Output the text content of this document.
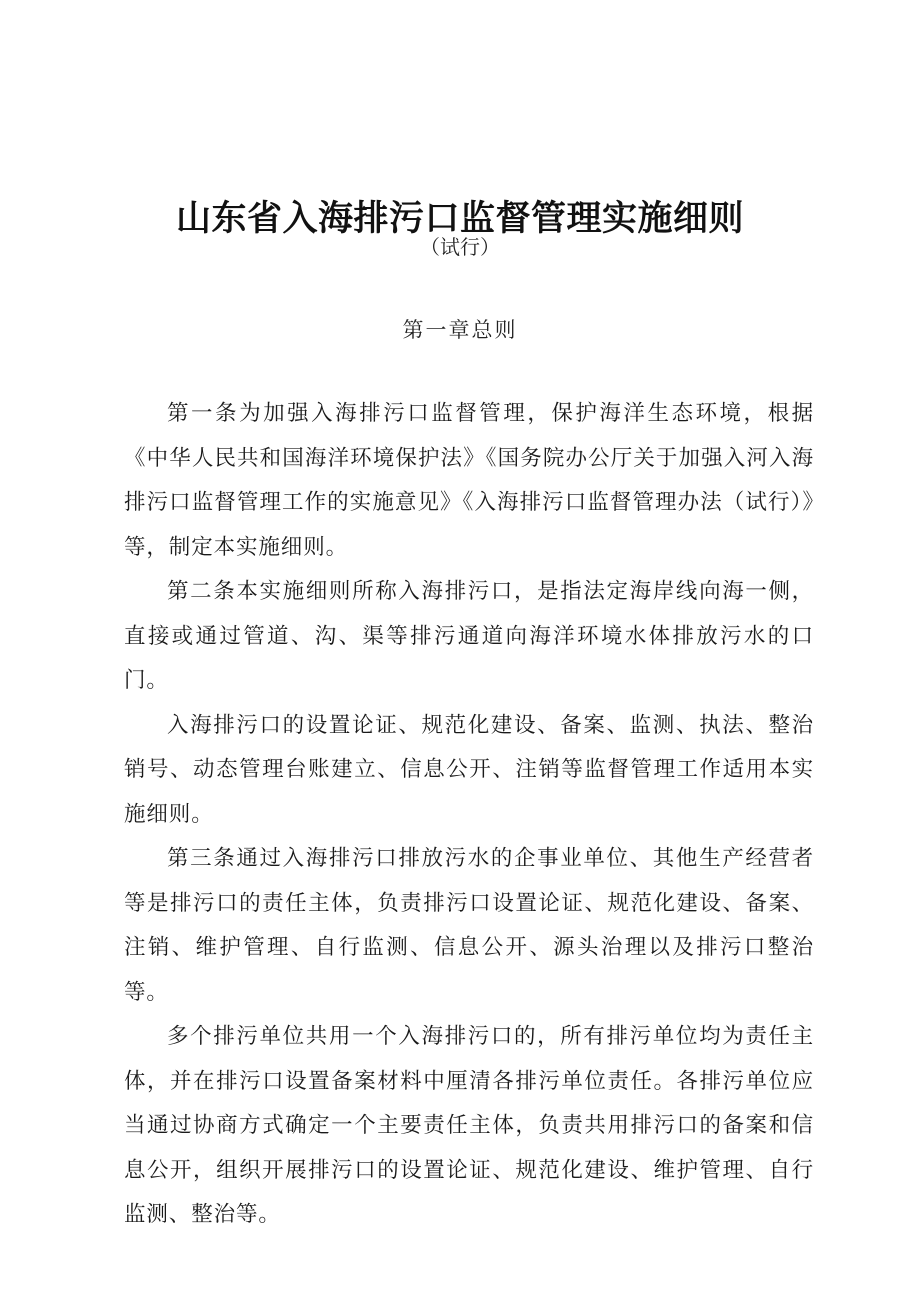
山东省入海排污口监督管理实施细则
（试行）
第一章总则

第一条为加强入海排污口监督管理，保护海洋生态环境，根据《中华人民共和国海洋环境保护法》《国务院办公厅关于加强入河入海排污口监督管理工作的实施意见》《入海排污口监督管理办法（试行）》等，制定本实施细则。

第二条本实施细则所称入海排污口，是指法定海岸线向海一侧，直接或通过管道、沟、渠等排污通道向海洋环境水体排放污水的口门。

入海排污口的设置论证、规范化建设、备案、监测、执法、整治销号、动态管理台账建立、信息公开、注销等监督管理工作适用本实施细则。

第三条通过入海排污口排放污水的企事业单位、其他生产经营者等是排污口的责任主体，负责排污口设置论证、规范化建设、备案、注销、维护管理、自行监测、信息公开、源头治理以及排污口整治等。

多个排污单位共用一个入海排污口的，所有排污单位均为责任主体，并在排污口设置备案材料中厘清各排污单位责任。各排污单位应当通过协商方式确定一个主要责任主体，负责共用排污口的备案和信息公开，组织开展排污口的设置论证、规范化建设、维护管理、自行监测、整治等。
